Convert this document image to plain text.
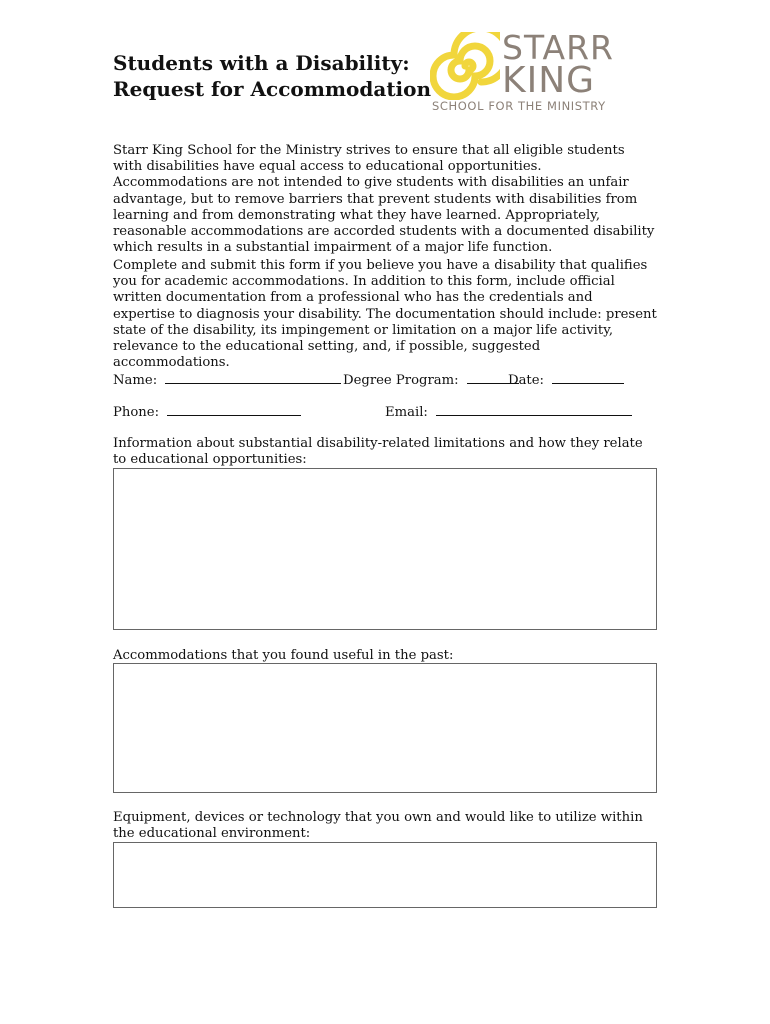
Students with a Disability:
Request for Accommodation
STARR
KING
SCHOOL FOR THE MINISTRY

Starr King School for the Ministry strives to ensure that all eligible students with disabilities have equal access to educational opportunities. Accommodations are not intended to give students with disabilities an unfair advantage, but to remove barriers that prevent students with disabilities from learning and from demonstrating what they have learned. Appropriately, reasonable accommodations are accorded students with a documented disability which results in a substantial impairment of a major life function.

Complete and submit this form if you believe you have a disability that qualifies you for academic accommodations. In addition to this form, include official written documentation from a professional who has the credentials and expertise to diagnosis your disability. The documentation should include: present state of the disability, its impingement or limitation on a major life activity, relevance to the educational setting, and, if possible, suggested accommodations.

Name:	Degree Program:	Date:
Phone:	Email:

Information about substantial disability-related limitations and how they relate to educational opportunities:

Accommodations that you found useful in the past:

Equipment, devices or technology that you own and would like to utilize within the educational environment:
